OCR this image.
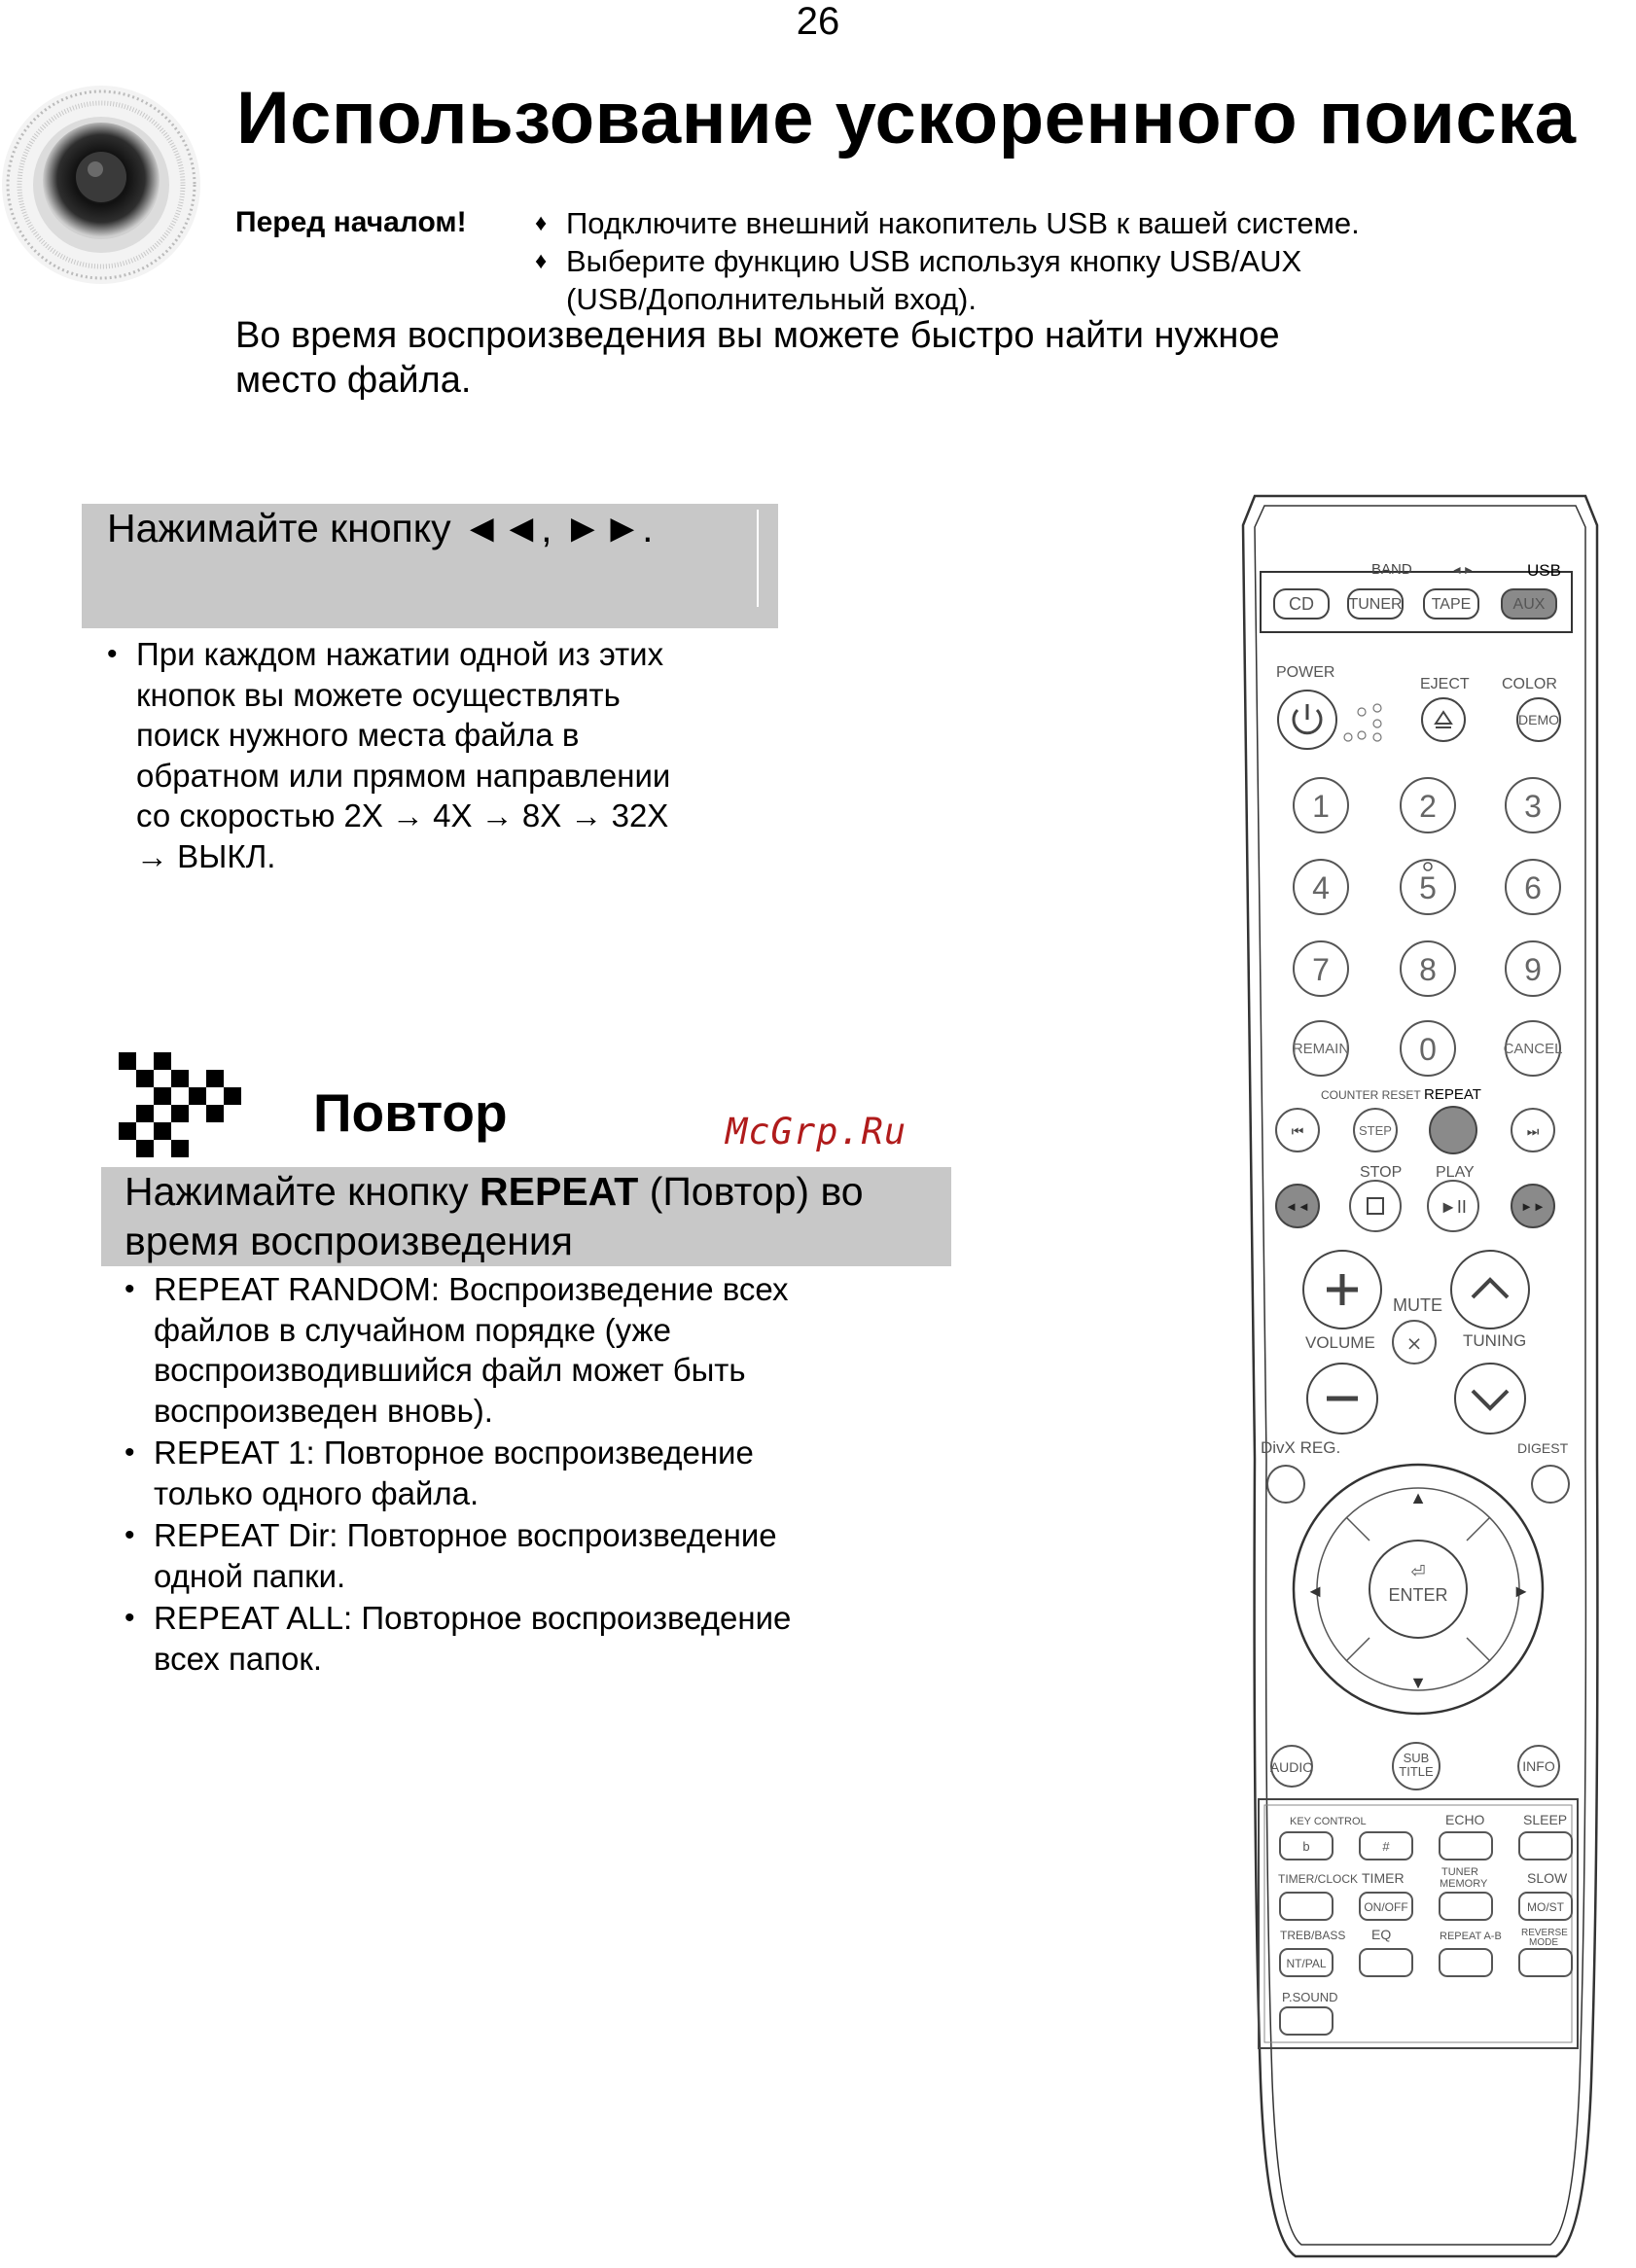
26
Использование ускоренного поиска
Перед началом!	♦ Подключите внешний накопитель USB к вашей системе.
♦ Выберите функцию USB используя кнопку USB/AUX
(USB/Дополнительный вход).
Во время воспроизведения вы можете быстро найти нужное
место файла.
Нажимайте кнопку ◄◄, ►►.
• При каждом нажатии одной из этих
кнопок вы можете осуществлять
поиск нужного места файла в
обратном или прямом направлении
со скоростью 2X → 4X → 8X → 32X
→ ВЫКЛ.
Повтор	McGrp.Ru
Нажимайте кнопку REPEAT (Повтор) во
время воспроизведения
• REPEAT RANDOM: Воспроизведение всех
файлов в случайном порядке (уже
воспроизводившийся файл может быть
воспроизведен вновь).
• REPEAT 1: Повторное воспроизведение
только одного файла.
• REPEAT Dir: Повторное воспроизведение
одной папки.
• REPEAT ALL: Повторное воспроизведение
всех папок.
BAND	◄►	USB
CD TUNER TAPE	AUX
POWER
EJECT COLOR
DEMO
1	2	3
4	5	6
7	8	9
0
REMAIN	CANCEL
COUNTER RESET REPEAT
⏮	STEP	⏭
STOP PLAY
◄◄	►II	►►
MUTE
⨯
VOLUME	TUNING
DivX REG.	DIGEST
▲
▼
◄	►
⏎
ENTER
AUDIO
SUB
TITLE	INFO
KEY CONTROL	ECHO	SLEEP
b	#
TIMER/CLOCK TIMER	TUNER
MEMORY	SLOW
ON/OFF	MO/ST
TREB/BASS EQ	REPEAT A-B REVERSE
MODE
NT/PAL
P.SOUND
